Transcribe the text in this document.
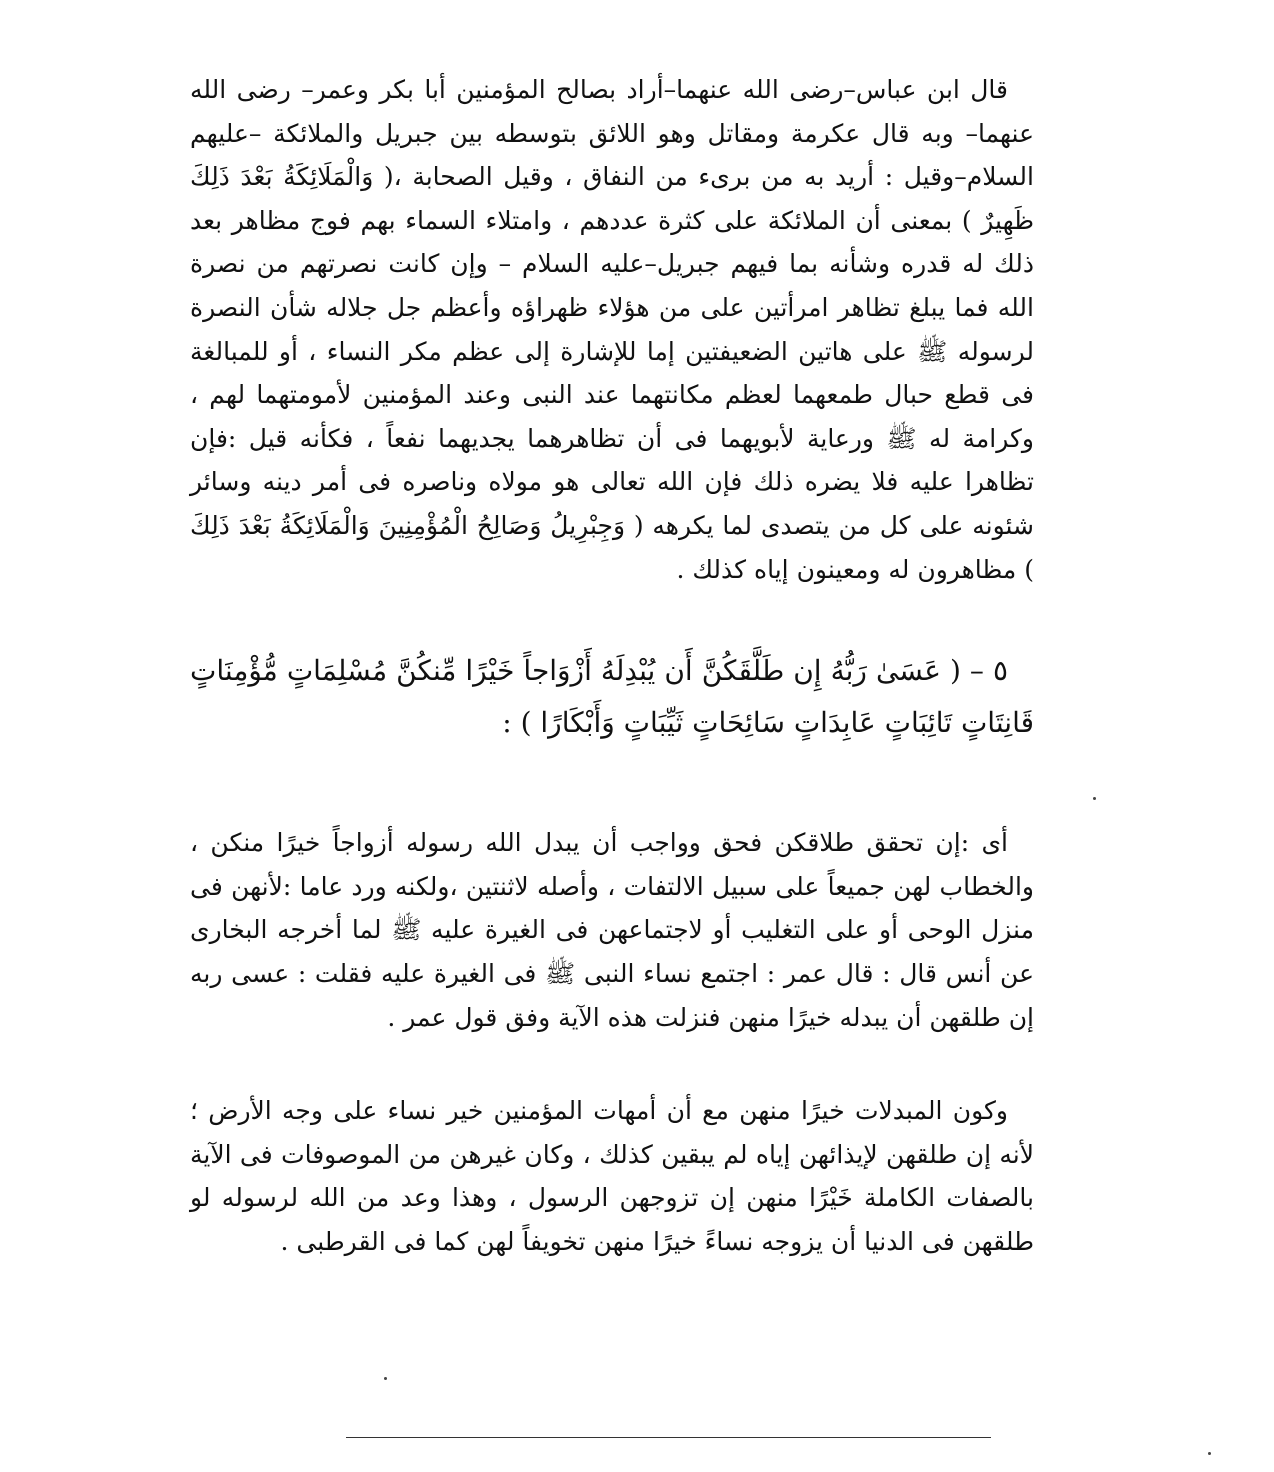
قال ابن عباس–رضى الله عنهما–أراد بصالح المؤمنين أبا بكر وعمر– رضى الله عنهما– وبه قال عكرمة ومقاتل وهو اللائق بتوسطه بين جبريل والملائكة –عليهم السلام–وقيل : أريد به من برىء من النفاق ، وقيل الصحابة ،( وَالْمَلَائِكَةُ بَعْدَ ذَلِكَ ظَهِيرٌ ) بمعنى أن الملائكة على كثرة عددهم ، وامتلاء السماء بهم فوج مظاهر بعد ذلك له قدره وشأنه بما فيهم جبريل–عليه السلام – وإن كانت نصرتهم من نصرة الله فما يبلغ تظاهر امرأتين على من هؤلاء ظهراؤه وأعظم جل جلاله شأن النصرة لرسوله ﷺ على هاتين الضعيفتين إما للإشارة إلى عظم مكر النساء ، أو للمبالغة فى قطع حبال طمعهما لعظم مكانتهما عند النبى وعند المؤمنين لأمومتهما لهم ، وكرامة له ﷺ ورعاية لأبويهما فى أن تظاهرهما يجديهما نفعاً ، فكأنه قيل :فإن تظاهرا عليه فلا يضره ذلك فإن الله تعالى هو مولاه وناصره فى أمر دينه وسائر شئونه على كل من يتصدى لما يكرهه ( وَجِبْرِيلُ وَصَالِحُ الْمُؤْمِنِينَ وَالْمَلَائِكَةُ بَعْدَ ذَلِكَ ) مظاهرون له ومعينون إياه كذلك .

٥ – ( عَسَىٰ رَبُّهُ إِن طَلَّقَكُنَّ أَن يُبْدِلَهُ أَزْوَاجاً خَيْرًا مِّنكُنَّ مُسْلِمَاتٍ مُّؤْمِنَاتٍ قَانِتَاتٍ تَائِبَاتٍ عَابِدَاتٍ سَائِحَاتٍ ثَيِّبَاتٍ وَأَبْكَارًا ) :

أى :إن تحقق طلاقكن فحق وواجب أن يبدل الله رسوله أزواجاً خيرًا منكن ، والخطاب لهن جميعاً على سبيل الالتفات ، وأصله لاثنتين ،ولكنه ورد عاما :لأنهن فى منزل الوحى أو على التغليب أو لاجتماعهن فى الغيرة عليه ﷺ لما أخرجه البخارى عن أنس قال : قال عمر : اجتمع نساء النبى ﷺ فى الغيرة عليه فقلت : عسى ربه إن طلقهن أن يبدله خيرًا منهن فنزلت هذه الآية وفق قول عمر .

وكون المبدلات خيرًا منهن مع أن أمهات المؤمنين خير نساء على وجه الأرض ؛لأنه إن طلقهن لإيذائهن إياه لم يبقين كذلك ، وكان غيرهن من الموصوفات فى الآية بالصفات الكاملة خَيْرًا منهن إن تزوجهن الرسول ، وهذا وعد من الله لرسوله لو طلقهن فى الدنيا أن يزوجه نساءً خيرًا منهن تخويفاً لهن كما فى القرطبى .
